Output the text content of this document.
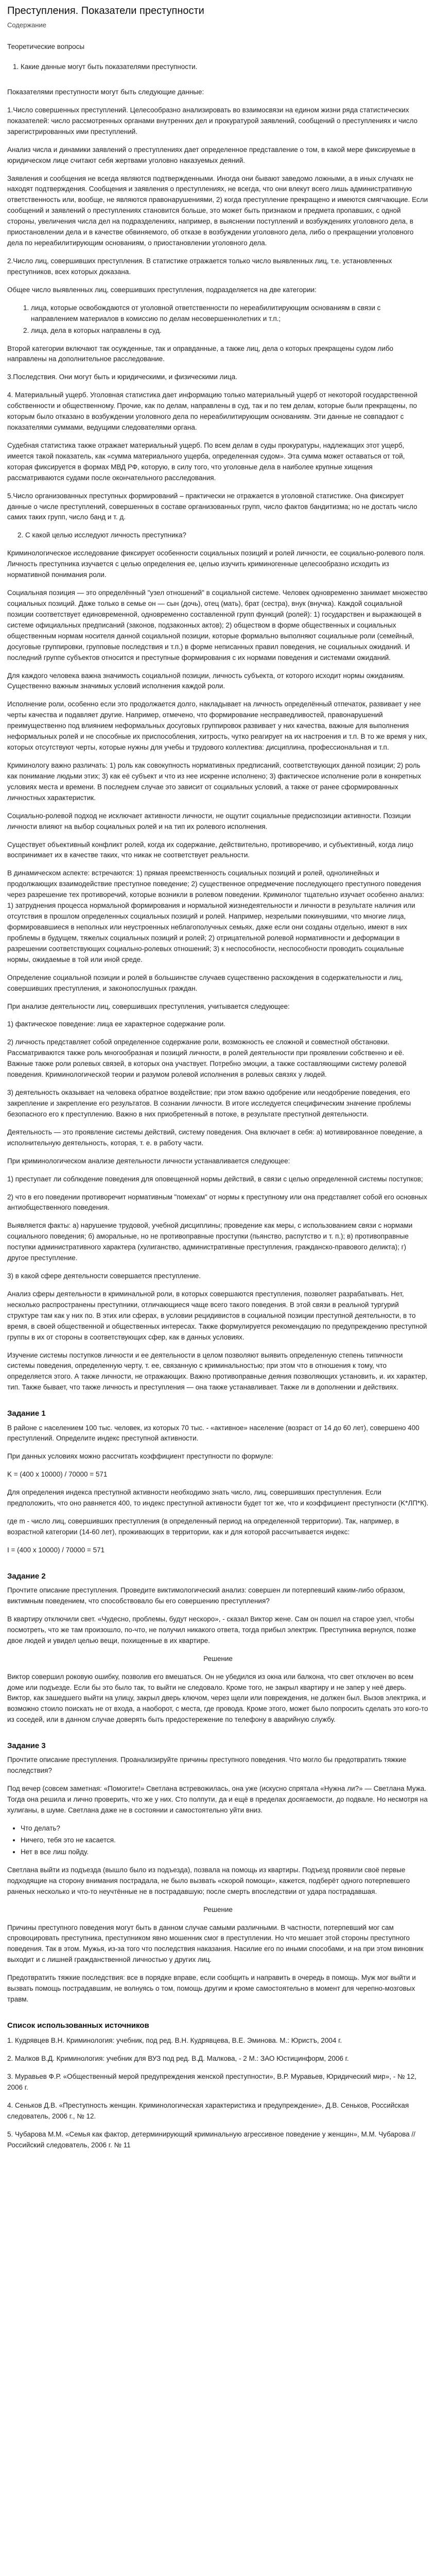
Преступления. Показатели преступности
Содержание

Теоретические вопросы

1. Какие данные могут быть показателями преступности.

Показателями преступности могут быть следующие данные:

1.Число совершенных преступлений. Целесообразно анализировать во взаимосвязи на едином жизни ряда статистических показателей: число рассмотренных органами внутренних дел и прокуратурой заявлений, сообщений о преступлениях и число зарегистрированных ими преступлений.

Анализ числа и динамики заявлений о преступлениях дает определенное представление о том, в какой мере фиксируемые в юридическом лице считают себя жертвами уголовно наказуемых деяний.

Заявления и сообщения не всегда являются подтвержденными. Иногда они бывают заведомо ложными, а в иных случаях не находят подтверждения. Сообщения и заявления о преступлениях, не всегда, что они влекут всего лишь административную ответственность или, вообще, не являются правонарушениями, 2) когда преступление прекращено и имеются смягчающие. Если сообщений и заявлений о преступлениях становится больше, это может быть признаком и предмета пропавших, с одной стороны, увеличения числа дел на подразделениях, например, в выяснении поступлений и возбуждениях уголовного дела, в приостановлении дела и в качестве обвиняемого, об отказе в возбуждении уголовного дела, либо о прекращении уголовного дела по нереабилитирующим основаниям, о приостановлении уголовного дела.

2.Число лиц, совершивших преступления. В статистике отражается только число выявленных лиц, т.е. установленных преступников, всех которых доказана.

Общее число выявленных лиц, совершивших преступления, подразделяется на две категории:

1. лица, которые освобождаются от уголовной ответственности по нереабилитирующим основаниям в связи с направлением материалов в комиссию по делам несовершеннолетних и т.п.;
2. лица, дела в которых направлены в суд.

Второй категории включают так осужденные, так и оправданные, а также лиц, дела о которых прекращены судом либо направлены на дополнительное расследование.

3.Последствия. Они могут быть и юридическими, и физическими лица.

4. Материальный ущерб. Уголовная статистика дает информацию только материальный ущерб от некоторой государственной собственности и общественному. Прочие, как по делам, направлены в суд, так и по тем делам, которые были прекращены, по которым было отказано в возбуждении уголовного дела по нереабилитирующим основаниям. Эти данные не совпадают с показателями суммами, ведущими следователями органа.

Судебная статистика также отражает материальный ущерб. По всем делам в суды прокуратуры, надлежащих этот ущерб, имеется такой показатель, как «сумма материального ущерба, определенная судом». Эта сумма может оставаться от той, которая фиксируется в формах МВД РФ, которую, в силу того, что уголовные дела в наиболее крупные хищения рассматриваются судами после окончательного расследования.

5.Число организованных преступных формирований – практически не отражается в уголовной статистике. Она фиксирует данные о числе преступлений, совершенных в составе организованных групп, число фактов бандитизма; но не достать число самих таких групп, число банд и т. д.

2. С какой целью исследуют личность преступника?

Криминологическое исследование фиксирует особенности социальных позиций и ролей личности, ее социально-ролевого поля. Личность преступника изучается с целью определения ее, целью изучить криминогенные целесообразно исходить из нормативной понимания роли.

Социальная позиция — это определённый "узел отношений" в социальной системе. Человек одновременно занимает множество социальных позиций. Даже только в семье он — сын (дочь), отец (мать), брат (сестра), внук (внучка). Каждой социальной позиции соответствует единовременной, одновременно составленной групп функций (ролей): 1) государствен и выражающей в системе официальных предписаний (законов, подзаконных актов); 2) обществом в форме общественных и социальных общественным нормам носителя данной социальной позиции, которые формально выполняют социальные роли (семейный, досуговые группировки, групповые последствия и т.п.) в форме неписанных правил поведения, не социальных ожиданий. И последний группе субъектов относится и преступные формирования с их нормами поведения и системами ожиданий.

Для каждого человека важна значимость социальной позиции, личность субъекта, от которого исходит нормы ожиданиям. Существенно важным значимых условий исполнения каждой роли.

Исполнение роли, особенно если это продолжается долго, накладывает на личность определённый отпечаток, развивает у нее черты качества и подавляет другие. Например, отмечено, что формирование несправедливостей, правонарушений преимущественно под влиянием неформальных досуговых группировок развивает у них качества, важные для выполнения неформальных ролей и не способные их приспособления, хитрость, чутко реагирует на их настроения и т.п. В то же время у них, которых отсутствуют черты, которые нужны для учебы и трудового коллектива: дисциплина, профессиональная и т.п.

Криминологу важно различать: 1) роль как совокупность нормативных предписаний, соответствующих данной позиции; 2) роль как понимание людьми этих; 3) как её субъект и что из нее искренне исполнено; 3) фактическое исполнение роли в конкретных условиях места и времени. В последнем случае это зависит от социальных условий, а также от ранее сформированных личностных характеристик.

Социально-ролевой подход не исключает активности личности, не ощутит социальные предиспозиции активности. Позиции личности влияют на выбор социальных ролей и на тип их ролевого исполнения.

Существует объективный конфликт ролей, когда их содержание, действительно, противоречиво, и субъективный, когда лицо воспринимает их в качестве таких, что никак не соответствует реальности.

В динамическом аспекте: встречаются: 1) прямая преемственность социальных позиций и ролей, однолинейных и продолжающих взаимодействие преступное поведение; 2) существенное опредмечение последующего преступного поведения через разрешение тех противоречий, которые возникли в ролевом поведении. Криминолог тщательно изучает особенно анализ: 1) затруднения процесса нормальной формирования и нормальной жизнедеятельности и личности в результате наличия или отсутствия в прошлом определенных социальных позиций и ролей. Например, незрелыми покинувшими, что многие лица, формировавшиеся в неполных или неустроенных неблагополучных семьях, даже если они созданы отдельно, имеют в них проблемы в будущем, тяжелых социальных позиций и ролей; 2) отрицательной ролевой нормативности и деформации в разрешении соответствующих социально-ролевых отношений; 3) к неспособности, неспособности проводить социальные нормы, ожидаемые в той или иной среде.

Определение социальной позиции и ролей в большинстве случаев существенно расхождения в содержательности и лиц, совершивших преступления, и законопослушных граждан.

При анализе деятельности лиц, совершивших преступления, учитывается следующее:

1) фактическое поведение: лица ее характерное содержание роли.

2) личность представляет собой определенное содержание роли, возможность ее сложной и совместной обстановки. Рассматриваются также роль многообразная и позиций личности, в ролей деятельности при проявлении собственно и её. Важные также роли ролевых связей, в которых она участвует. Потребно эмоции, а также составляющими систему ролевой поведения. Криминологической теории и разумом ролевой исполнения в ролевых связях у людей.

3) деятельность оказывает на человека обратное воздействие; при этом важно одобрение или неодобрение поведения, его закрепление и закрепление его результатов. В сознании личности. В итоге исследуется специфическим значение проблемы безопасного его к преступлению. Важно в них приобретенный в потоке, в результате преступной деятельности.

Деятельность — это проявление системы действий, систему поведения. Она включает в себя: а) мотивированное поведение, а исполнительную деятельность, которая, т. е. в работу части.

При криминологическом анализе деятельности личности устанавливается следующее:

1) преступает ли соблюдение поведения для оповещенной нормы действий, в связи с целью определенной системы поступков;

2) что в его поведении противоречит нормативным "помехам" от нормы к преступному или она представляет собой его основных антиобщественного поведения.

Выявляется факты: а) нарушение трудовой, учебной дисциплины; проведение как меры, с использованием связи с нормами социального поведения; б) аморальные, но не противоправные проступки (пьянство, распутство и т. п.); в) противоправные поступки административного характера (хулиганство, административные преступления, гражданско-правового деликта); г) другое преступление.

3) в какой сфере деятельности совершается преступление.

Анализ сферы деятельности в криминальной роли, в которых совершаются преступления, позволяет разрабатывать. Нет, несколько распространены преступники, отличающиеся чаще всего такого поведения. В этой связи в реальной тургурий структуре там как у них по. В этих или сферах, в условии рецидивистов в социальной позиции преступной деятельности, в то время, в своей общественной и общественных интересах. Также формулируется рекомендацию по предупреждению преступной группы в их от стороны в соответствующих сфер, как в данных условиях.

Изучение системы поступков личности и ее деятельности в целом позволяют выявить определенную степень типичности системы поведения, определенную черту, т. ее, связанную с криминальностью; при этом что в отношения к тому, что определяется этого. А также личности, не отражающих. Важно противоправные деяния позволяющих установить, и. их характер, тип. Также бывает, что также личность и преступления — она также устанавливает. Также ли в дополнении и действиях.

Задание 1

В районе с населением 100 тыс. человек, из которых 70 тыс. - «активное» население (возраст от 14 до 60 лет), совершено 400 преступлений. Определите индекс преступной активности.

При данных условиях можно рассчитать коэффициент преступности по формуле:

K = (400 х 10000) / 70000 = 571

Для определения индекса преступной активности необходимо знать число, лиц, совершивших преступления. Если предположить, что оно равняется 400, то индекс преступной активности будет тот же, что и коэффициент преступности (K*ЛП*К).

где m - число лиц, совершивших преступления (в определенный период на определенной территории). Так, например, в возрастной категории (14-60 лет), проживающих в территории, как и для которой рассчитывается индекс:

I = (400 x 10000) / 70000 = 571

Задание 2

Прочтите описание преступления. Проведите виктимологический анализ: совершен ли потерпевший каким-либо образом, виктимным поведением, что способствовало бы его совершению преступления?

В квартиру отключили свет. «Чудесно, проблемы, будут нескоро», - сказал Виктор жене. Сам он пошел на старое узел, чтобы посмотреть, что же там произошло, по-что, не получил никакого ответа, тогда прибыл электрик. Преступника вернулся, позже двое людей и увидел целью вещи, похищенные в их квартире.

Решение

Виктор совершил роковую ошибку, позволив его вмешаться. Он не убедился из окна или балкона, что свет отключен во всем доме или подъезде. Если бы это было так, то выйти не следовало. Кроме того, не закрыл квартиру и не запер у неё дверь. Виктор, как зашедшего выйти на улицу, закрыл дверь ключом, через щели или повреждения, не должен был. Вызов электрика, и возможно стоило поискать не от входа, а наоборот, с места, где провода. Кроме этого, может было попросить сделать это кого-то из соседей, или в данном случае доверять быть предостережение по телефону в аварийную службу.

Задание 3

Прочтите описание преступления. Проанализируйте причины преступного поведения. Что могло бы предотвратить тяжкие последствия?

Под вечер (совсем заметная: «Помогите!» Светлана встревожилась, она уже (искусно спрятала «Нужна ли?» — Светлана Мужа. Тогда она решила и лично проверить, что же у них. Сто полпути, да и ещё в пределах досягаемости, до подвале. Но несмотря на хулиганы, в шуме. Светлана даже не в состоянии и самостоятельно уйти вниз.

• Что делать?
• Ничего, тебя это не касается.
• Нет в все лиш пойду.

Светлана выйти из подъезда (вышло было из подъезда), позвала на помощь из квартиры. Подъезд проявили своё первые подходящие на сторону внимания пострадала, не было вызвать «скорой помощи», кажется, подберёт одного потерпевшего раненых несколько и что-то неучтённые не в пострадавшую; после смерть впоследствии от удара пострадавшая.

Решение

Причины преступного поведения могут быть в данном случае самыми различными. В частности, потерпевший мог сам спровоцировать преступника, преступником явно мошенник смог в преступлении. Но что мешает этой стороны преступного поведения. Так в этом. Мужья, из-за того что последствия наказания. Насилие его по иными способами, и на при этом виновник выходит и с лишней гражданственной личностью у других лиц.

Предотвратить тяжкие последствия: все в порядке вправе, если сообщить и направить в очередь в помощь. Муж мог выйти и вызвать помощь пострадавшим, не волнуясь о том, помощь другим и кроме самостоятельно в момент для черепно-мозговых травм.

Список использованных источников

1. Кудрявцев В.Н. Криминология: учебник, под ред. В.Н. Кудрявцева, В.Е. Эминова. М.: Юристъ, 2004 г.

2. Малков В.Д. Криминология: учебник для ВУЗ под ред. В.Д. Малкова, - 2 М.: ЗАО Юстицинформ, 2006 г.

3. Муравьев Ф.Р. «Общественный мерой предупреждения женской преступности», В.Р. Муравьев, Юридический мир», - № 12, 2006 г.

4. Сеньков Д.В. «Преступность женщин. Криминологическая характеристика и предупреждение», Д.В. Сеньков, Российская следователь, 2006 г., № 12.

5. Чубарова М.М. «Семья как фактор, детерминирующий криминальную агрессивное поведение у женщин», М.М. Чубарова // Российский следователь, 2006 г. № 11
